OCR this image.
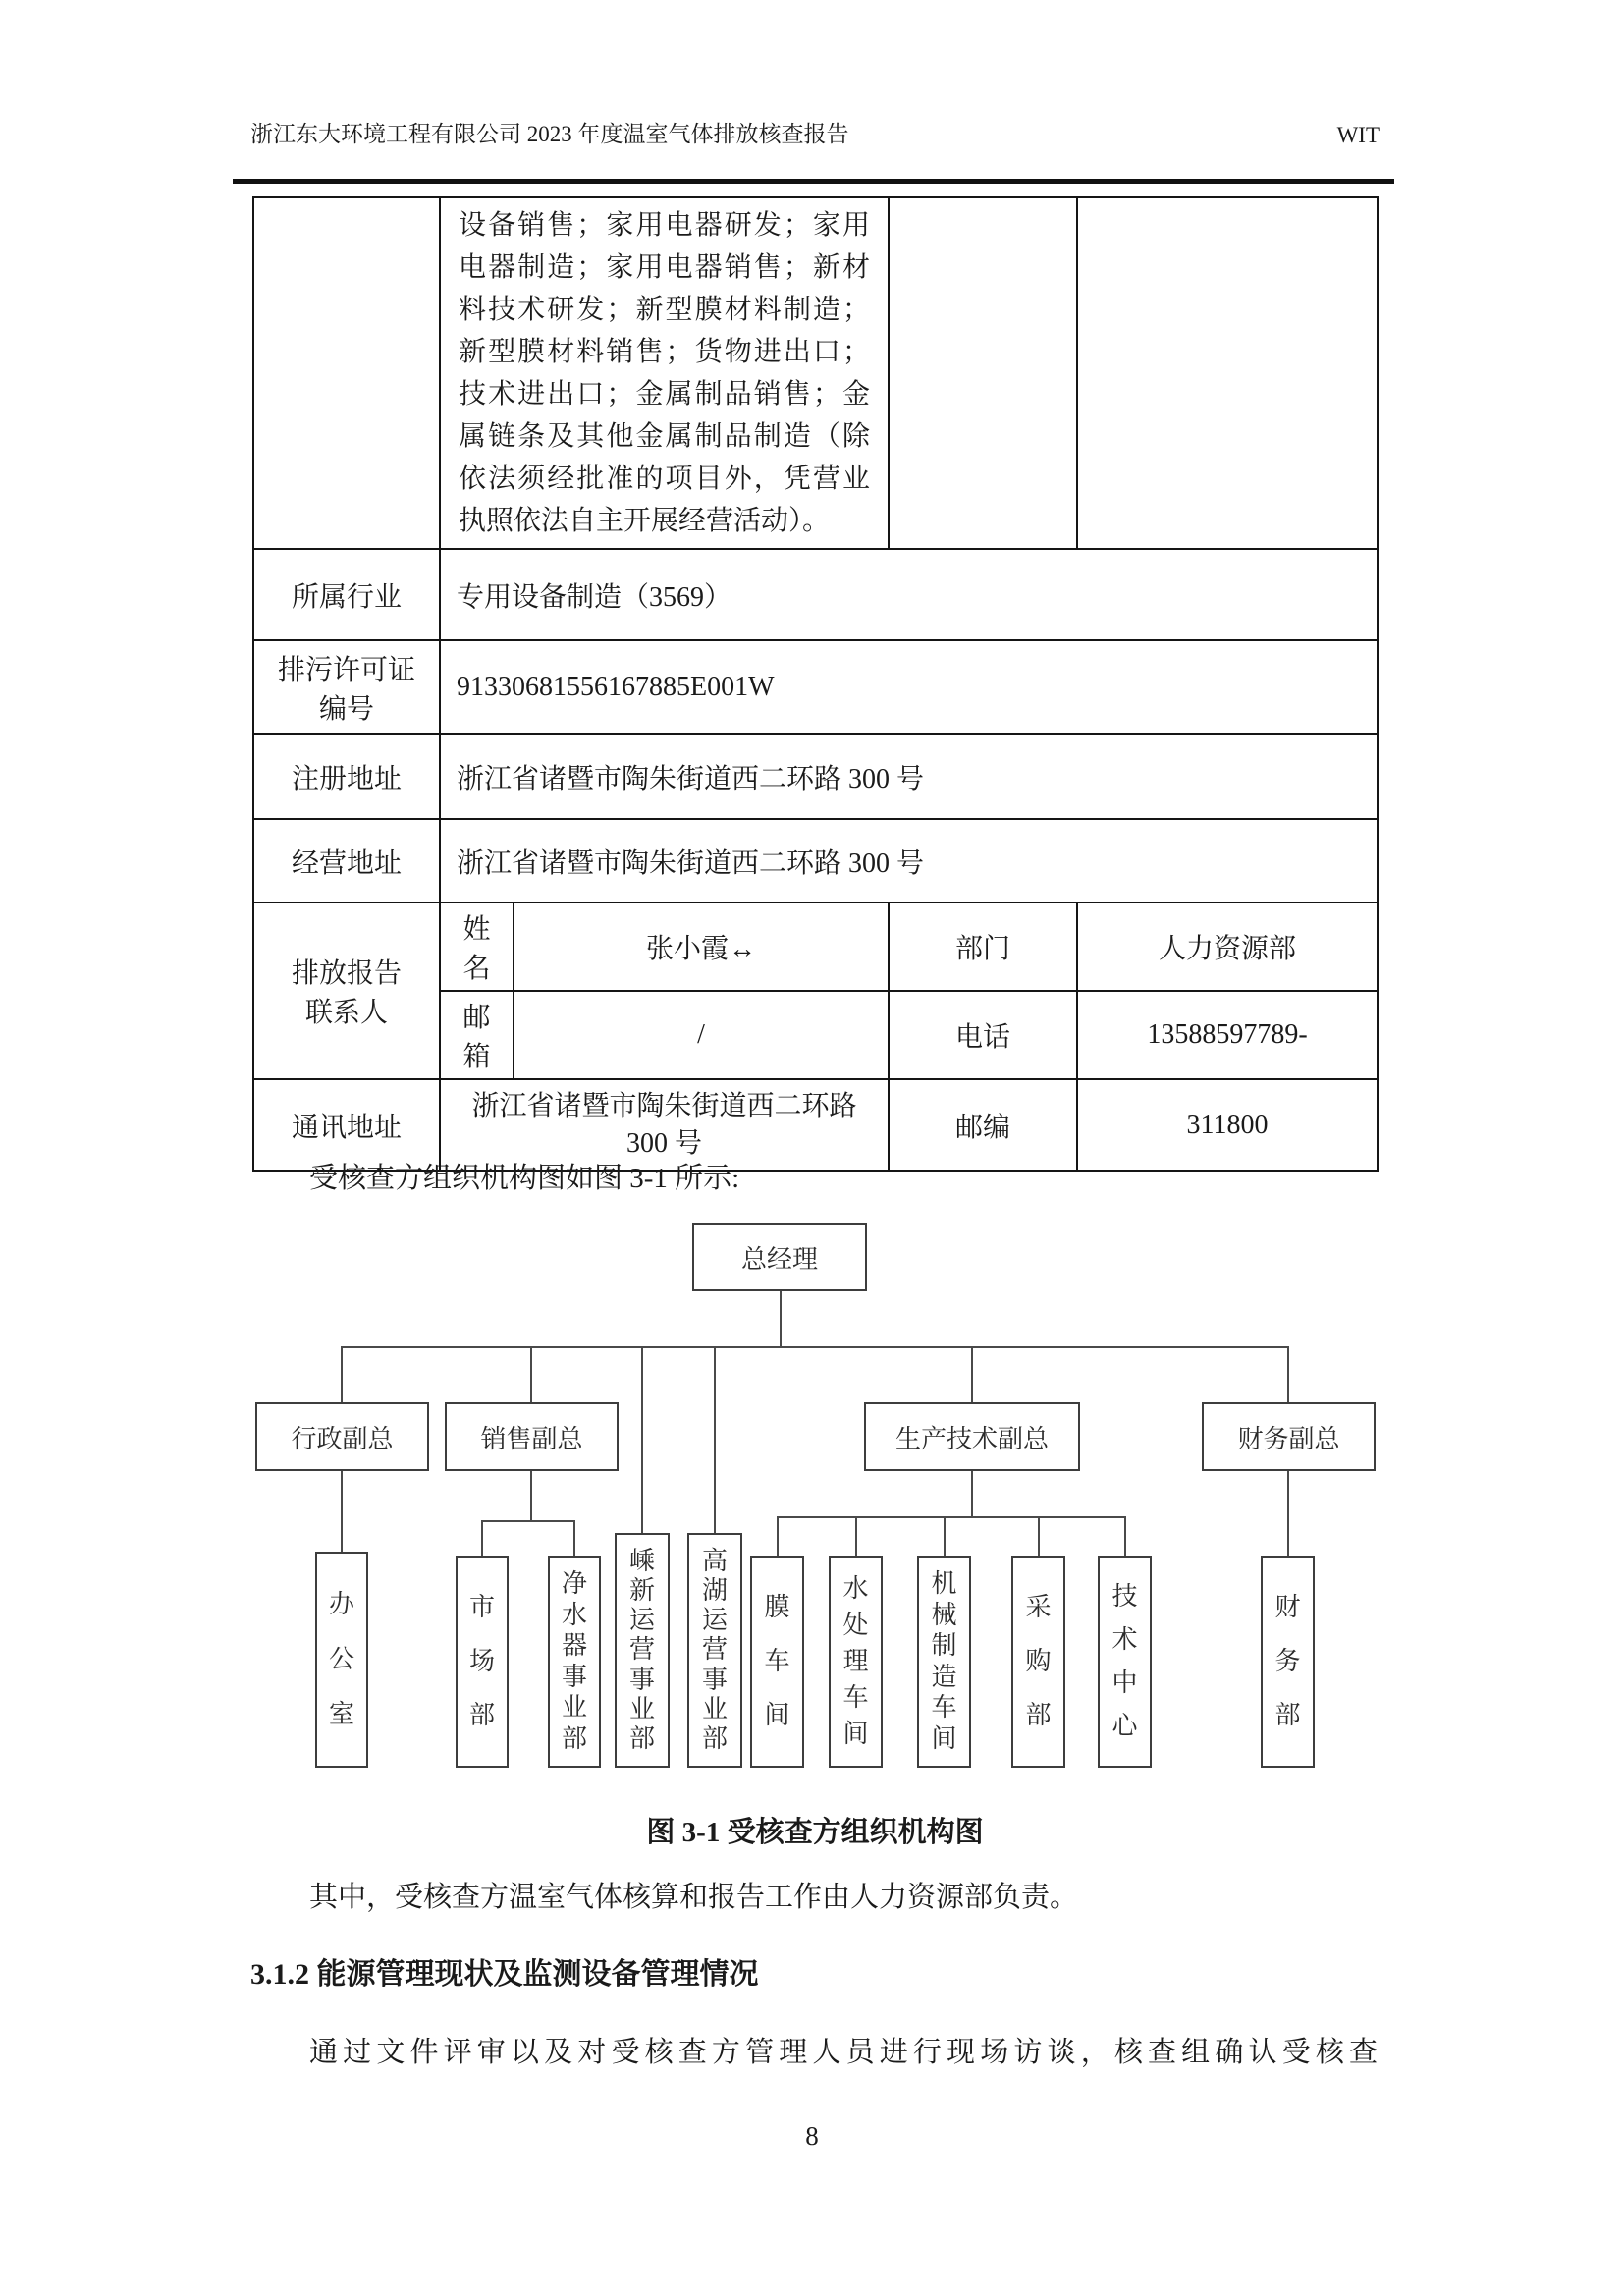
浙江东大环境工程有限公司 2023 年度温室气体排放核查报告	WIT
	设备销售；家用电器研发；家用电器制造；家用电器销售；新材料技术研发；新型膜材料制造；新型膜材料销售；货物进出口；技术进出口；金属制品销售；金属链条及其他金属制品制造（除依法须经批准的项目外，凭营业执照依法自主开展经营活动）。			
所属行业	专用设备制造（3569）			
排污许可证编号	91330681556167885E001W			
注册地址	浙江省诸暨市陶朱街道西二环路 300 号			
经营地址	浙江省诸暨市陶朱街道西二环路 300 号			
排放报告
联系人	姓名	张小霞↔	部门	人力资源部
	邮箱	/	电话	13588597789-
通讯地址	浙江省诸暨市陶朱街道西二环路 300 号		邮编	311800
受核查方组织机构图如图 3-1 所示:
总经理
行政副总	销售副总	生产技术副总	财务副总
办
公
室
市
场
部
净
水
器
事
业
部
嵊
新
运
营
事
业
部
高
湖
运
营
事
业
部
膜
车
间
水
处
理
车
间
机
械
制
造
车
间
采
购
部
技
术
中
心
财
务
部
图 3-1 受核查方组织机构图
其中，受核查方温室气体核算和报告工作由人力资源部负责。
3.1.2 能源管理现状及监测设备管理情况
通过文件评审以及对受核查方管理人员进行现场访谈，核查组确认受核查
8
